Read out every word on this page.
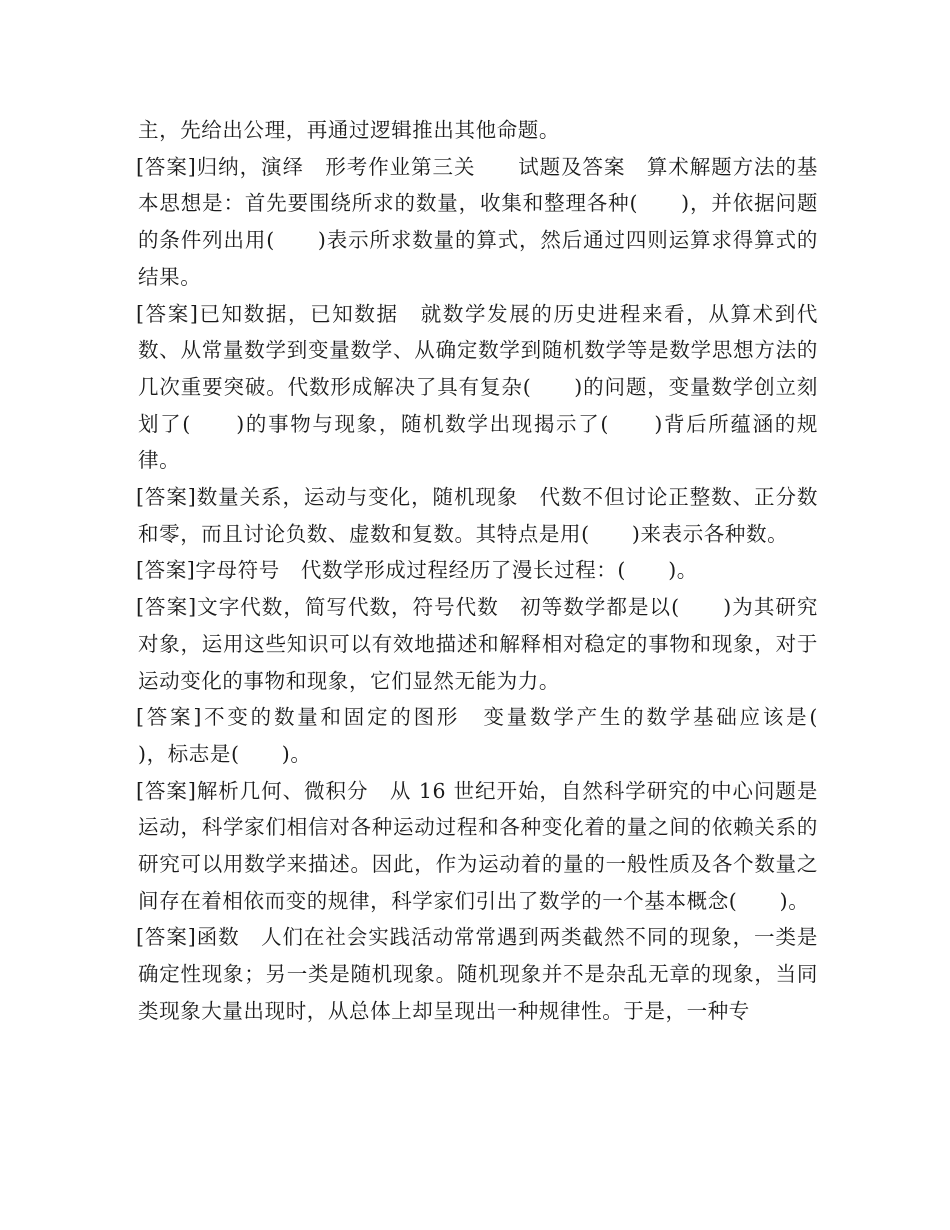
主，先给出公理，再通过逻辑推出其他命题。

[答案]归纳，演绎　形考作业第三关　　试题及答案　算术解题方法的基本思想是：首先要围绕所求的数量，收集和整理各种(　　)，并依据问题的条件列出用(　　)表示所求数量的算式，然后通过四则运算求得算式的结果。

[答案]已知数据，已知数据　就数学发展的历史进程来看，从算术到代数、从常量数学到变量数学、从确定数学到随机数学等是数学思想方法的几次重要突破。代数形成解决了具有复杂(　　)的问题，变量数学创立刻划了(　　)的事物与现象，随机数学出现揭示了(　　)背后所蕴涵的规律。

[答案]数量关系，运动与变化，随机现象　代数不但讨论正整数、正分数和零，而且讨论负数、虚数和复数。其特点是用(　　)来表示各种数。

[答案]字母符号　代数学形成过程经历了漫长过程：(　　)。

[答案]文字代数，简写代数，符号代数　初等数学都是以(　　)为其研究对象，运用这些知识可以有效地描述和解释相对稳定的事物和现象，对于运动变化的事物和现象，它们显然无能为力。

[答案]不变的数量和固定的图形　变量数学产生的数学基础应该是(　　)，标志是(　　)。

[答案]解析几何、微积分　从 16 世纪开始，自然科学研究的中心问题是运动，科学家们相信对各种运动过程和各种变化着的量之间的依赖关系的研究可以用数学来描述。因此，作为运动着的量的一般性质及各个数量之间存在着相依而变的规律，科学家们引出了数学的一个基本概念(　　)。

[答案]函数　人们在社会实践活动常常遇到两类截然不同的现象，一类是确定性现象；另一类是随机现象。随机现象并不是杂乱无章的现象，当同类现象大量出现时，从总体上却呈现出一种规律性。于是，一种专
